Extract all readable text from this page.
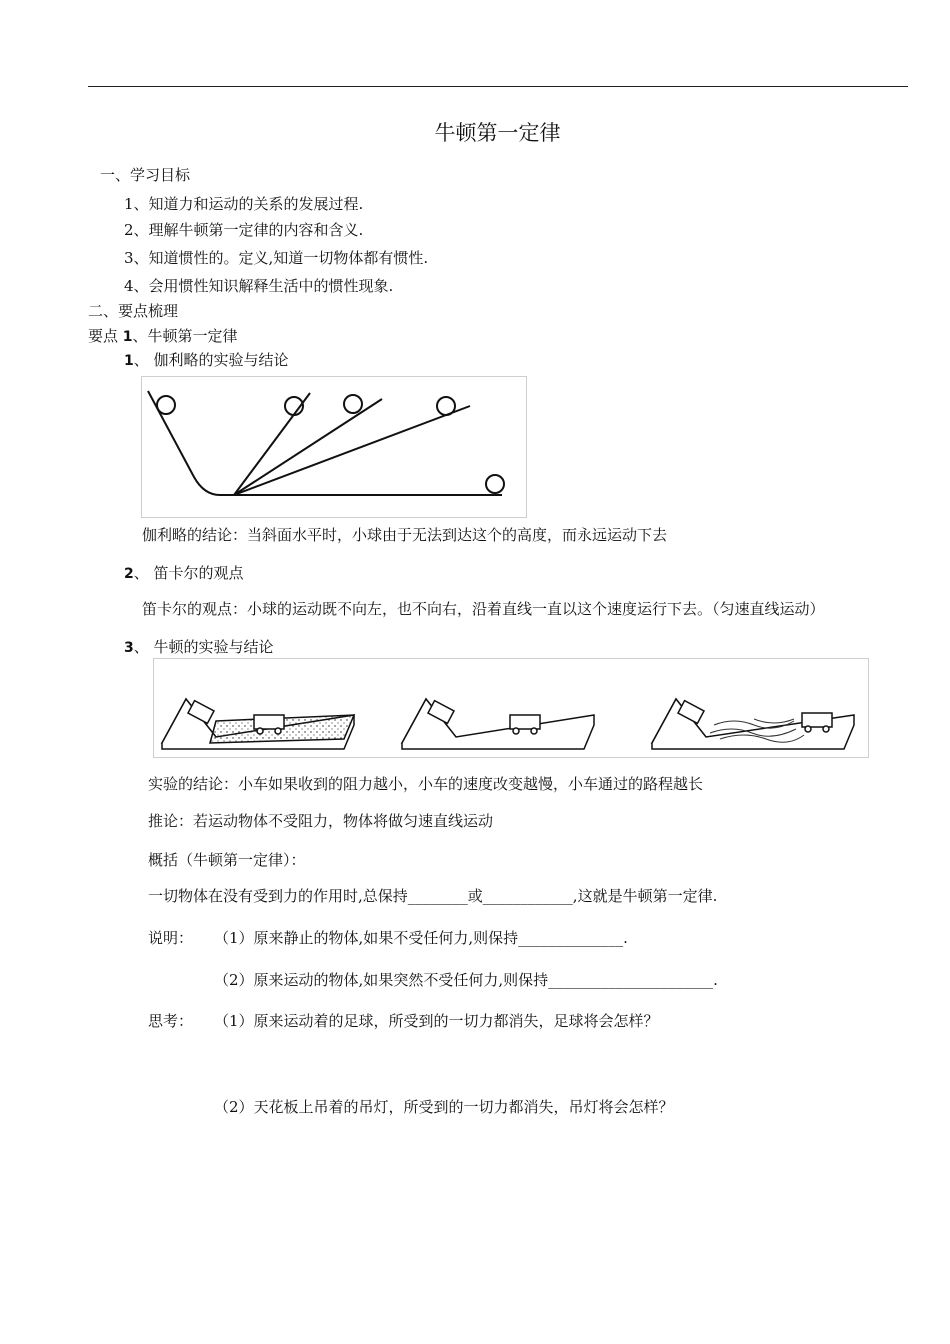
牛顿第一定律
一、学习目标
1、知道力和运动的关系的发展过程.
2、理解牛顿第一定律的内容和含义.
3、知道惯性的。定义,知道一切物体都有惯性.
4、会用惯性知识解释生活中的惯性现象.
二、要点梳理
要点 1、牛顿第一定律
1、 伽利略的实验与结论
伽利略的结论：当斜面水平时，小球由于无法到达这个的高度，而永远运动下去
2、 笛卡尔的观点
笛卡尔的观点：小球的运动既不向左，也不向右，沿着直线一直以这个速度运行下去。（匀速直线运动）
3、 牛顿的实验与结论
实验的结论：小车如果收到的阻力越小，小车的速度改变越慢，小车通过的路程越长
推论：若运动物体不受阻力，物体将做匀速直线运动
概括（牛顿第一定律）：
一切物体在没有受到力的作用时,总保持________或____________,这就是牛顿第一定律.
说明： （1）原来静止的物体,如果不受任何力,则保持______________.
（2）原来运动的物体,如果突然不受任何力,则保持______________________.
思考： （1）原来运动着的足球，所受到的一切力都消失，足球将会怎样？
（2）天花板上吊着的吊灯，所受到的一切力都消失，吊灯将会怎样？
